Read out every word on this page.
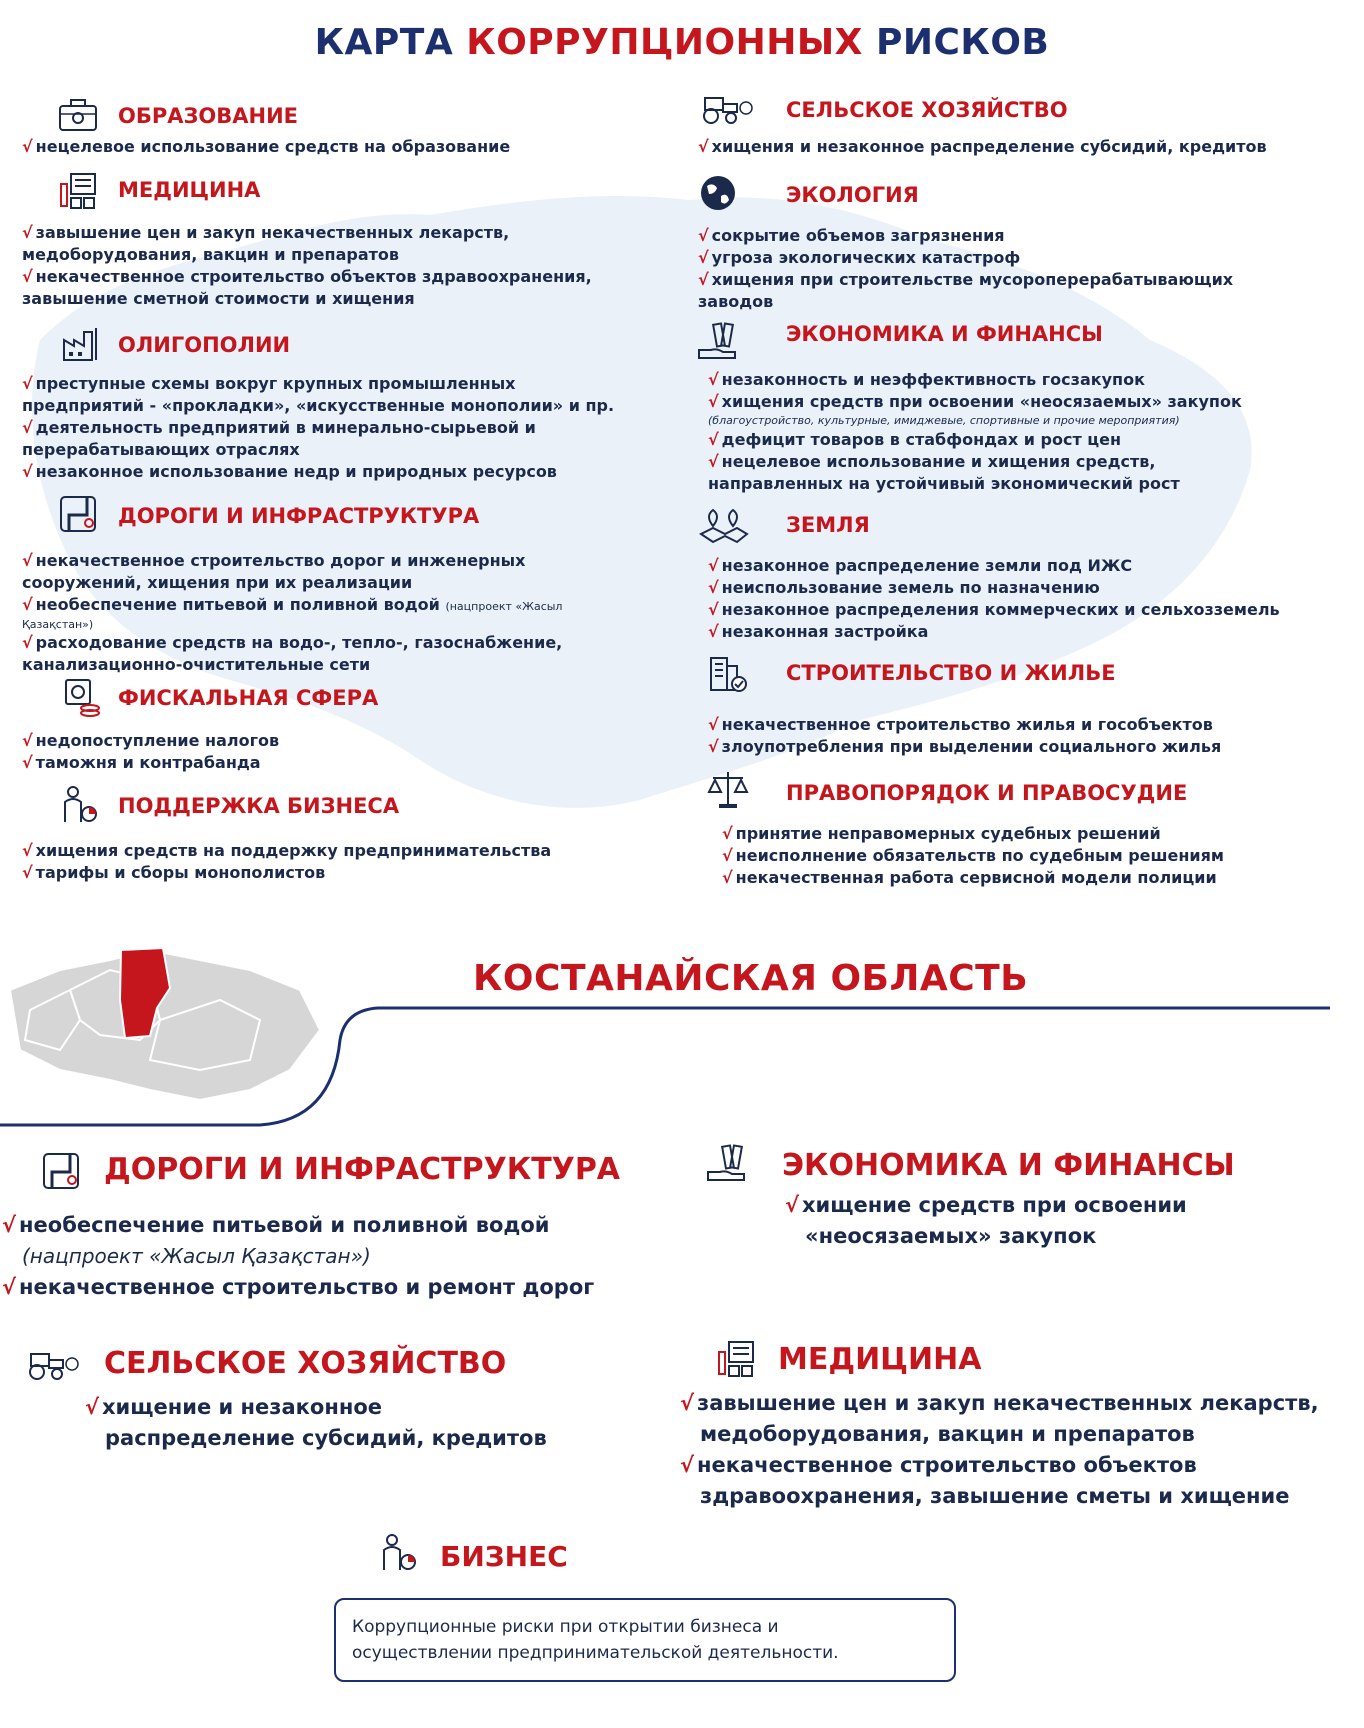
КАРТА КОРРУПЦИОННЫХ РИСКОВ
ОБРАЗОВАНИЕ
√ нецелевое использование средств на образование
МЕДИЦИНА
√ завышение цен и закуп некачественных лекарств,
медоборудования, вакцин и препаратов
√ некачественное строительство объектов здравоохранения,
завышение сметной стоимости и хищения
ОЛИГОПОЛИИ
√ преступные схемы вокруг крупных промышленных
предприятий - «прокладки», «искусственные монополии» и пр.
√ деятельность предприятий в минерально-сырьевой и
перерабатывающих отраслях
√ незаконное использование недр и природных ресурсов
ДОРОГИ И ИНФРАСТРУКТУРА
√ некачественное строительство дорог и инженерных
сооружений, хищения при их реализации
√ необеспечение питьевой и поливной водой (нацпроект «Жасыл
Қазақстан»)
√ расходование средств на водо-, тепло-, газоснабжение,
канализационно-очистительные сети
ФИСКАЛЬНАЯ СФЕРА
√ недопоступление налогов
√ таможня и контрабанда
ПОДДЕРЖКА БИЗНЕСА
√ хищения средств на поддержку предпринимательства
√ тарифы и сборы монополистов
СЕЛЬСКОЕ ХОЗЯЙСТВО
√ хищения и незаконное распределение субсидий, кредитов
ЭКОЛОГИЯ
√ сокрытие объемов загрязнения
√ угроза экологических катастроф
√ хищения при строительстве мусороперерабатывающих
заводов
ЭКОНОМИКА И ФИНАНСЫ
√ незаконность и неэффективность госзакупок
√ хищения средств при освоении «неосязаемых» закупок
(благоустройство, культурные, имиджевые, спортивные и прочие мероприятия)
√ дефицит товаров в стабфондах и рост цен
√ нецелевое использование и хищения средств,
направленных на устойчивый экономический рост
ЗЕМЛЯ
√ незаконное распределение земли под ИЖС
√ неиспользование земель по назначению
√ незаконное распределения коммерческих и сельхозземель
√ незаконная застройка
СТРОИТЕЛЬСТВО И ЖИЛЬЕ
√ некачественное строительство жилья и гособъектов
√ злоупотребления при выделении социального жилья
ПРАВОПОРЯДОК И ПРАВОСУДИЕ
√ принятие неправомерных судебных решений
√ неисполнение обязательств по судебным решениям
√ некачественная работа сервисной модели полиции
КОСТАНАЙСКАЯ ОБЛАСТЬ
ДОРОГИ И ИНФРАСТРУКТУРА
√ необеспечение питьевой и поливной водой
(нацпроект «Жасыл Қазақстан»)
√ некачественное строительство и ремонт дорог
ЭКОНОМИКА И ФИНАНСЫ
√ хищение средств при освоении
«неосязаемых» закупок
СЕЛЬСКОЕ ХОЗЯЙСТВО
√ хищение и незаконное
распределение субсидий, кредитов
МЕДИЦИНА
√ завышение цен и закуп некачественных лекарств,
медоборудования, вакцин и препаратов
√ некачественное строительство объектов
здравоохранения, завышение сметы и хищение
БИЗНЕС
Коррупционные риски при открытии бизнеса и
осуществлении предпринимательской деятельности.
